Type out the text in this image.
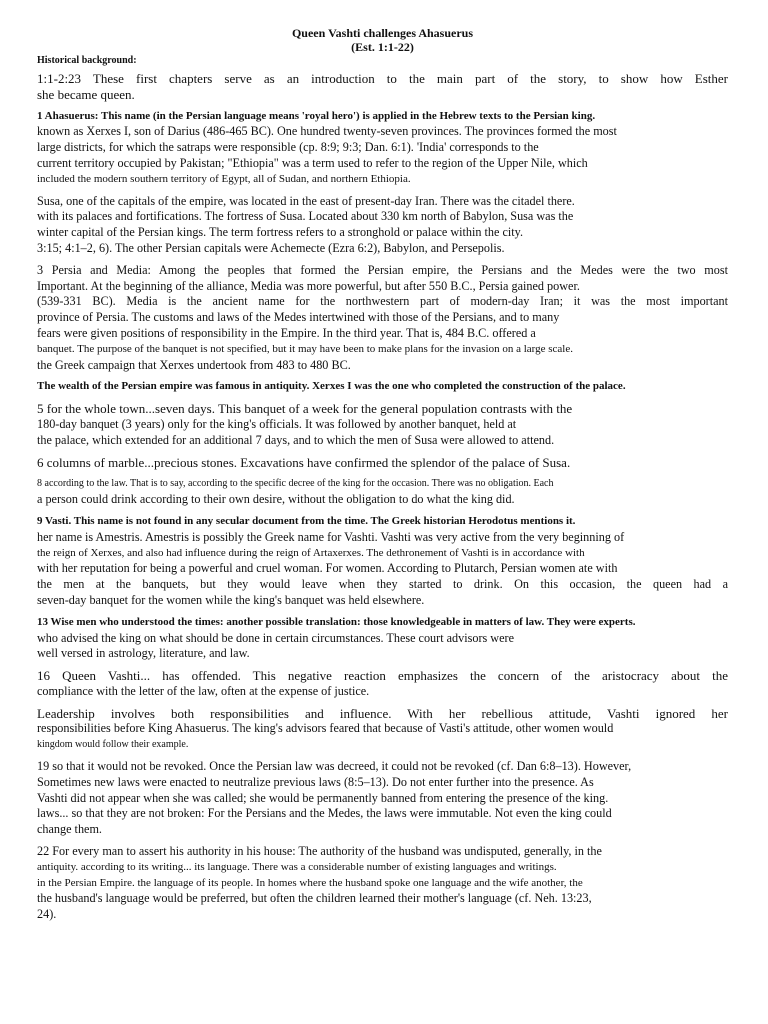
Queen Vashti challenges Ahasuerus

(Est. 1:1-22)

Historical background:

1:1-2:23 These first chapters serve as an introduction to the main part of the story, to show how Esther
she became queen.
1 Ahasuerus: This name (in the Persian language means 'royal hero') is applied in the Hebrew texts to the Persian king.
known as Xerxes I, son of Darius (486-465 BC). One hundred twenty-seven provinces. The provinces formed the most
large districts, for which the satraps were responsible (cp. 8:9; 9:3; Dan. 6:1). 'India' corresponds to the
current territory occupied by Pakistan; "Ethiopia" was a term used to refer to the region of the Upper Nile, which
included the modern southern territory of Egypt, all of Sudan, and northern Ethiopia.
Susa, one of the capitals of the empire, was located in the east of present-day Iran. There was the citadel there.
with its palaces and fortifications. The fortress of Susa. Located about 330 km north of Babylon, Susa was the
winter capital of the Persian kings. The term fortress refers to a stronghold or palace within the city.
3:15; 4:1–2, 6). The other Persian capitals were Achemecte (Ezra 6:2), Babylon, and Persepolis.
3 Persia and Media: Among the peoples that formed the Persian empire, the Persians and the Medes were the two most
Important. At the beginning of the alliance, Media was more powerful, but after 550 B.C., Persia gained power.
(539-331 BC). Media is the ancient name for the northwestern part of modern-day Iran; it was the most important
province of Persia. The customs and laws of the Medes intertwined with those of the Persians, and to many
fears were given positions of responsibility in the Empire. In the third year. That is, 484 B.C. offered a
banquet. The purpose of the banquet is not specified, but it may have been to make plans for the invasion on a large scale.
the Greek campaign that Xerxes undertook from 483 to 480 BC.
The wealth of the Persian empire was famous in antiquity. Xerxes I was the one who completed the construction of the palace.
5 for the whole town...seven days. This banquet of a week for the general population contrasts with the
180-day banquet (3 years) only for the king's officials. It was followed by another banquet, held at
the palace, which extended for an additional 7 days, and to which the men of Susa were allowed to attend.
6 columns of marble...precious stones. Excavations have confirmed the splendor of the palace of Susa.
8 according to the law. That is to say, according to the specific decree of the king for the occasion. There was no obligation. Each
a person could drink according to their own desire, without the obligation to do what the king did.
9 Vasti. This name is not found in any secular document from the time. The Greek historian Herodotus mentions it.
her name is Amestris. Amestris is possibly the Greek name for Vashti. Vashti was very active from the very beginning of
the reign of Xerxes, and also had influence during the reign of Artaxerxes. The dethronement of Vashti is in accordance with
with her reputation for being a powerful and cruel woman. For women. According to Plutarch, Persian women ate with
the men at the banquets, but they would leave when they started to drink. On this occasion, the queen had a
seven-day banquet for the women while the king's banquet was held elsewhere.
13 Wise men who understood the times: another possible translation: those knowledgeable in matters of law. They were experts.
who advised the king on what should be done in certain circumstances. These court advisors were
well versed in astrology, literature, and law.
16 Queen Vashti... has offended. This negative reaction emphasizes the concern of the aristocracy about the
compliance with the letter of the law, often at the expense of justice.
Leadership involves both responsibilities and influence. With her rebellious attitude, Vashti ignored her
responsibilities before King Ahasuerus. The king's advisors feared that because of Vasti's attitude, other women would
kingdom would follow their example.
19 so that it would not be revoked. Once the Persian law was decreed, it could not be revoked (cf. Dan 6:8–13). However,
Sometimes new laws were enacted to neutralize previous laws (8:5–13). Do not enter further into the presence. As
Vashti did not appear when she was called; she would be permanently banned from entering the presence of the king.
laws... so that they are not broken: For the Persians and the Medes, the laws were immutable. Not even the king could
change them.
22 For every man to assert his authority in his house: The authority of the husband was undisputed, generally, in the
antiquity. according to its writing... its language. There was a considerable number of existing languages and writings.
in the Persian Empire. the language of its people. In homes where the husband spoke one language and the wife another, the
the husband's language would be preferred, but often the children learned their mother's language (cf. Neh. 13:23,
24).
